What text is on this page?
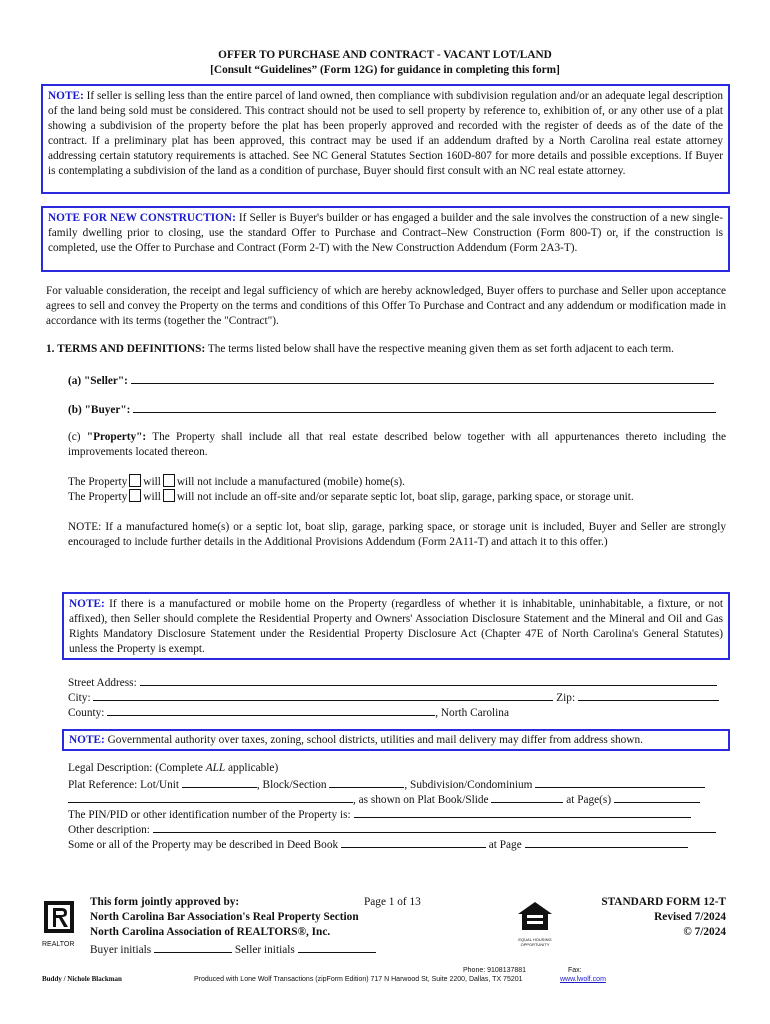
OFFER TO PURCHASE AND CONTRACT - VACANT LOT/LAND
[Consult “Guidelines” (Form 12G) for guidance in completing this form]
NOTE: If seller is selling less than the entire parcel of land owned, then compliance with subdivision regulation and/or an adequate legal description of the land being sold must be considered. This contract should not be used to sell property by reference to, exhibition of, or any other use of a plat showing a subdivision of the property before the plat has been properly approved and recorded with the register of deeds as of the date of the contract. If a preliminary plat has been approved, this contract may be used if an addendum drafted by a North Carolina real estate attorney addressing certain statutory requirements is attached. See NC General Statutes Section 160D-807 for more details and possible exceptions. If Buyer is contemplating a subdivision of the land as a condition of purchase, Buyer should first consult with an NC real estate attorney.
NOTE FOR NEW CONSTRUCTION: If Seller is Buyer's builder or has engaged a builder and the sale involves the construction of a new single-family dwelling prior to closing, use the standard Offer to Purchase and Contract–New Construction (Form 800-T) or, if the construction is completed, use the Offer to Purchase and Contract (Form 2-T) with the New Construction Addendum (Form 2A3-T).
For valuable consideration, the receipt and legal sufficiency of which are hereby acknowledged, Buyer offers to purchase and Seller upon acceptance agrees to sell and convey the Property on the terms and conditions of this Offer To Purchase and Contract and any addendum or modification made in accordance with its terms (together the "Contract").
1. TERMS AND DEFINITIONS: The terms listed below shall have the respective meaning given them as set forth adjacent to each term.
(a) "Seller":
(b) "Buyer":
(c) "Property": The Property shall include all that real estate described below together with all appurtenances thereto including the improvements located thereon.
The Property will will not include a manufactured (mobile) home(s).
The Property will will not include an off-site and/or separate septic lot, boat slip, garage, parking space, or storage unit.
NOTE: If a manufactured home(s) or a septic lot, boat slip, garage, parking space, or storage unit is included, Buyer and Seller are strongly encouraged to include further details in the Additional Provisions Addendum (Form 2A11-T) and attach it to this offer.)
NOTE: If there is a manufactured or mobile home on the Property (regardless of whether it is inhabitable, uninhabitable, a fixture, or not affixed), then Seller should complete the Residential Property and Owners' Association Disclosure Statement and the Mineral and Oil and Gas Rights Mandatory Disclosure Statement under the Residential Property Disclosure Act (Chapter 47E of North Carolina's General Statutes) unless the Property is exempt.
Street Address:
City:	Zip:
County:	, North Carolina
NOTE: Governmental authority over taxes, zoning, school districts, utilities and mail delivery may differ from address shown.
Legal Description: (Complete ALL applicable)
Plat Reference: Lot/Unit	, Block/Section	, Subdivision/Condominium
, as shown on Plat Book/Slide	at Page(s)
The PIN/PID or other identification number of the Property is:
Other description:
Some or all of the Property may be described in Deed Book	at Page
REALTOR
This form jointly approved by:
North Carolina Bar Association's Real Property Section
North Carolina Association of REALTORS®, Inc.
Buyer initials	Seller initials
Page 1 of 13
EQUAL HOUSING OPPORTUNITY
STANDARD FORM 12-T
Revised 7/2024
© 7/2024
Phone: 9108137881	Fax:
Buddy / Nichole Blackman	Produced with Lone Wolf Transactions (zipForm Edition) 717 N Harwood St, Suite 2200, Dallas, TX 75201	www.lwolf.com
